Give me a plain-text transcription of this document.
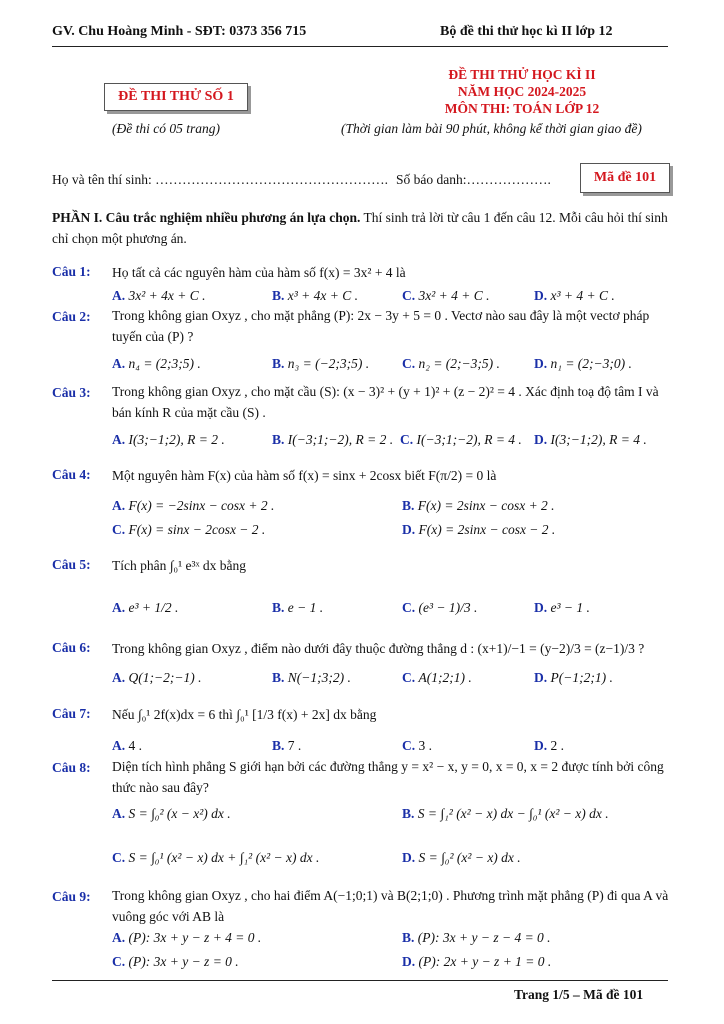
GV. Chu Hoàng Minh - SĐT: 0373 356 715	Bộ đề thi thử học kì II lớp 12
ĐỀ THI THỬ SỐ 1
(Đề thi có 05 trang)
ĐỀ THI THỬ HỌC KÌ II
NĂM HỌC 2024-2025
MÔN THI: TOÁN LỚP 12
(Thời gian làm bài 90 phút, không kể thời gian giao đề)
Họ và tên thí sinh: ……………………………………………. Số báo danh:……………….	Mã đề 101
PHẦN I. Câu trắc nghiệm nhiều phương án lựa chọn. Thí sinh trả lời từ câu 1 đến câu 12. Mỗi câu hỏi thí sinh chỉ chọn một phương án.
Câu 1: Họ tất cả các nguyên hàm của hàm số f(x) = 3x² + 4 là
A. 3x² + 4x + C .	B. x³ + 4x + C .	C. 3x² + 4 + C .	D. x³ + 4 + C .
Câu 2: Trong không gian Oxyz , cho mặt phẳng (P): 2x − 3y + 5 = 0 . Vectơ nào sau đây là một vectơ pháp tuyến của (P) ?
A. n₄ = (2;3;5) .	B. n₃ = (−2;3;5) . C. n₂ = (2;−3;5) .	D. n₁ = (2;−3;0) .
Câu 3: Trong không gian Oxyz , cho mặt cầu (S): (x − 3)² + (y + 1)² + (z − 2)² = 4 . Xác định toạ độ tâm I và bán kính R của mặt cầu (S) .
A. I(3;−1;2), R = 2 .	B. I(−3;1;−2), R = 2 . C. I(−3;1;−2), R = 4 . D. I(3;−1;2), R = 4 .
Câu 4: Một nguyên hàm F(x) của hàm số f(x) = sinx + 2cosx biết F(π/2) = 0 là
A. F(x) = −2sinx − cosx + 2 .	B. F(x) = 2sinx − cosx + 2 .
C. F(x) = sinx − 2cosx − 2 .	D. F(x) = 2sinx − cosx − 2 .
Câu 5: Tích phân ∫₀¹ e³ˣ dx bằng
A. e³ + 1/2 .	B. e − 1 .	C. (e³ − 1)/3 .	D. e³ − 1 .
Câu 6: Trong không gian Oxyz , điểm nào dưới đây thuộc đường thẳng d : (x+1)/−1 = (y−2)/3 = (z−1)/3 ?
A. Q(1;−2;−1) .	B. N(−1;3;2) .	C. A(1;2;1) .	D. P(−1;2;1) .
Câu 7: Nếu ∫₀¹ 2f(x)dx = 6 thì ∫₀¹ [1/3 f(x) + 2x] dx bằng
A. 4 .	B. 7 .	C. 3 .	D. 2 .
Câu 8: Diện tích hình phẳng S giới hạn bởi các đường thẳng y = x² − x, y = 0, x = 0, x = 2 được tính bởi công thức nào sau đây?
A. S = ∫₀² (x − x²) dx .	B. S = ∫₁² (x² − x) dx − ∫₀¹ (x² − x) dx .
C. S = ∫₀¹ (x² − x) dx + ∫₁² (x² − x) dx .	D. S = ∫₀² (x² − x) dx .
Câu 9: Trong không gian Oxyz , cho hai điểm A(−1;0;1) và B(2;1;0) . Phương trình mặt phẳng (P) đi qua A và vuông góc với AB là
A. (P): 3x + y − z + 4 = 0 .	B. (P): 3x + y − z − 4 = 0 .
C. (P): 3x + y − z = 0 .	D. (P): 2x + y − z + 1 = 0 .
Trang 1/5 – Mã đề 101
